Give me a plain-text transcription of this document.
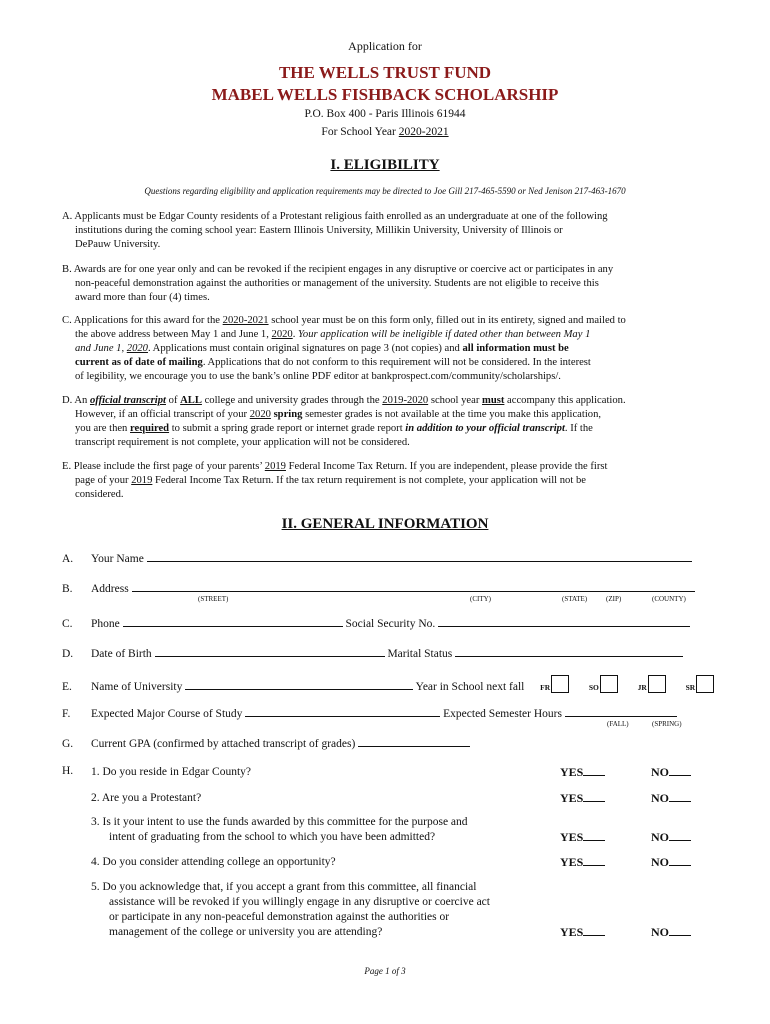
Application for
THE WELLS TRUST FUND
MABEL WELLS FISHBACK SCHOLARSHIP
P.O. Box 400 - Paris Illinois 61944
For School Year 2020-2021
I. ELIGIBILITY
Questions regarding eligibility and application requirements may be directed to Joe Gill 217-465-5590 or Ned Jenison 217-463-1670
A. Applicants must be Edgar County residents of a Protestant religious faith enrolled as an undergraduate at one of the following
institutions during the coming school year: Eastern Illinois University, Millikin University, University of Illinois or
DePauw University.
B. Awards are for one year only and can be revoked if the recipient engages in any disruptive or coercive act or participates in any
non-peaceful demonstration against the authorities or management of the university. Students are not eligible to receive this
award more than four (4) times.
C. Applications for this award for the 2020-2021 school year must be on this form only, filled out in its entirety, signed and mailed to
the above address between May 1 and June 1, 2020. Your application will be ineligible if dated other than between May 1
and June 1, 2020. Applications must contain original signatures on page 3 (not copies) and all information must be
current as of date of mailing. Applications that do not conform to this requirement will not be considered. In the interest
of legibility, we encourage you to use the bank’s online PDF editor at bankprospect.com/community/scholarships/.
D. An official transcript of ALL college and university grades through the 2019-2020 school year must accompany this application.
However, if an official transcript of your 2020 spring semester grades is not available at the time you make this application,
you are then required to submit a spring grade report or internet grade report in addition to your official transcript. If the
transcript requirement is not complete, your application will not be considered.
E. Please include the first page of your parents’ 2019 Federal Income Tax Return. If you are independent, please provide the first
page of your 2019 Federal Income Tax Return. If the tax return requirement is not complete, your application will not be
considered.
II. GENERAL INFORMATION
A. Your Name
B. Address
(STREET)	(CITY)	(STATE)	(ZIP)	(COUNTY)
C. Phone	Social Security No.
D. Date of Birth	Marital Status
E. Name of University	Year in School next fall FR	SO	JR	SR
F. Expected Major Course of Study	Expected Semester Hours
(FALL)	(SPRING)
G. Current GPA (confirmed by attached transcript of grades)
H. 1. Do you reside in Edgar County?	YES	NO
2. Are you a Protestant?	YES	NO
3. Is it your intent to use the funds awarded by this committee for the purpose and
intent of graduating from the school to which you have been admitted?	YES	NO
4. Do you consider attending college an opportunity?	YES	NO
5. Do you acknowledge that, if you accept a grant from this committee, all financial
assistance will be revoked if you willingly engage in any disruptive or coercive act
or participate in any non-peaceful demonstration against the authorities or
management of the college or university you are attending?	YES	NO
Page 1 of 3
